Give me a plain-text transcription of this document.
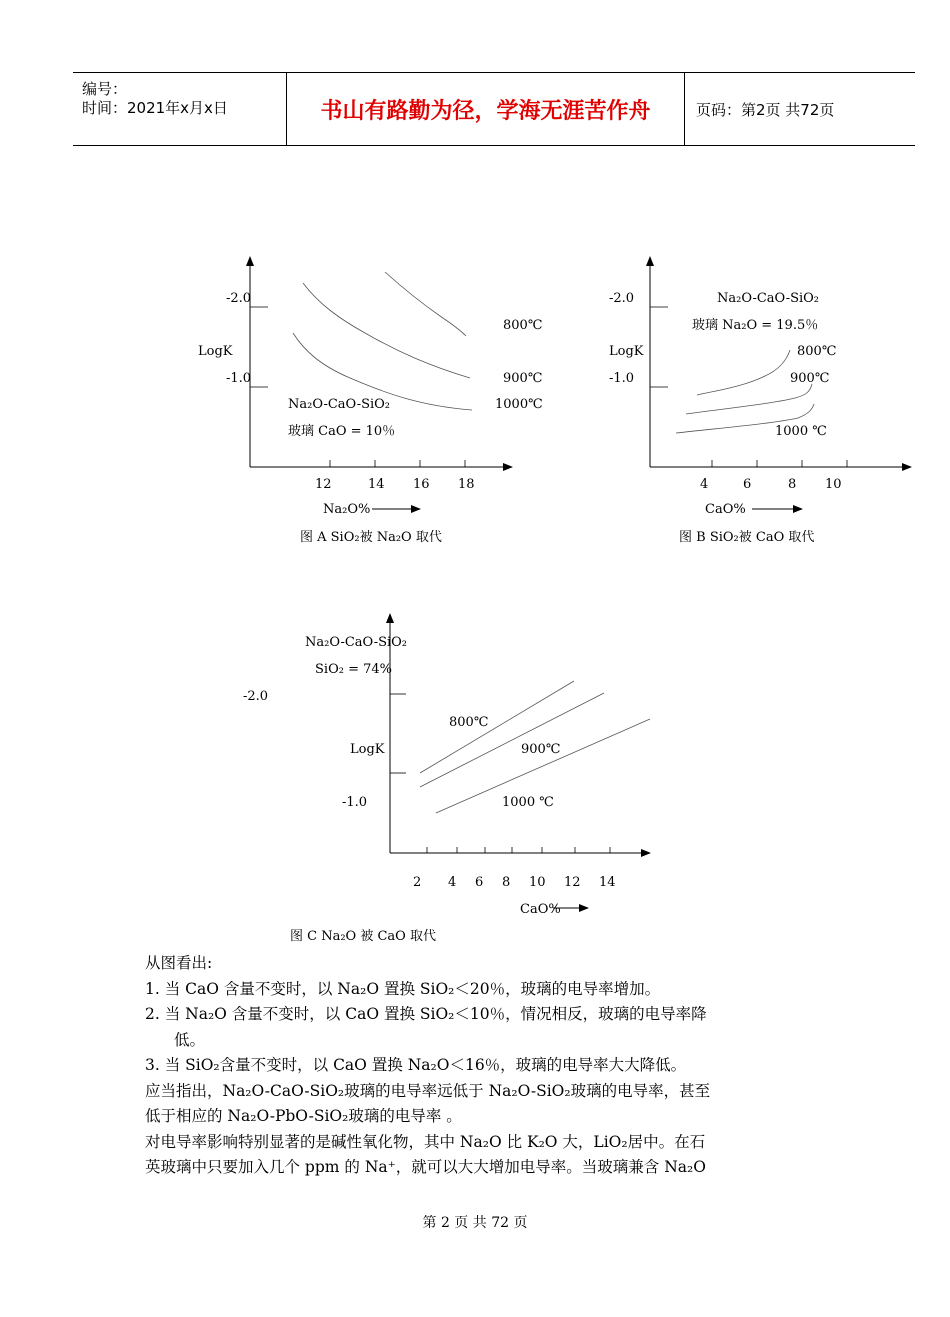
编号：
时间：2021年x月x日	书山有路勤为径，学海无涯苦作舟	页码：第2页 共72页
-2.0
-1.0
LogK
12	14 16 18
Na₂O%
800℃
900℃
1000℃
Na₂O-CaO-SiO₂
玻璃 CaO = 10％
图 A SiO₂被 Na₂O 取代
-2.0
-1.0
LogK
4	6	8 10
CaO%
Na₂O-CaO-SiO₂
玻璃 Na₂O = 19.5％
800℃
900℃
1000 ℃
图 B SiO₂被 CaO 取代
Na₂O-CaO-SiO₂
SiO₂ = 74%
-2.0
LogK
-1.0
800℃
900℃
1000 ℃
2 4 6 8 10 12 14
CaO%
图 C Na₂O 被 CaO 取代

从图看出:

1. 当 CaO 含量不变时，以 Na₂O 置换 SiO₂＜20％，玻璃的电导率增加。

2. 当 Na₂O 含量不变时，以 CaO 置换 SiO₂＜10％，情况相反，玻璃的电导率降

低。

3. 当 SiO₂含量不变时，以 CaO 置换 Na₂O＜16％，玻璃的电导率大大降低。

应当指出，Na₂O-CaO-SiO₂玻璃的电导率远低于 Na₂O-SiO₂玻璃的电导率，甚至

低于相应的 Na₂O-PbO-SiO₂玻璃的电导率 。

对电导率影响特别显著的是碱性氧化物，其中 Na₂O 比 K₂O 大，LiO₂居中。在石

英玻璃中只要加入几个 ppm 的 Na⁺，就可以大大增加电导率。当玻璃兼含 Na₂O

第 2 页 共 72 页
